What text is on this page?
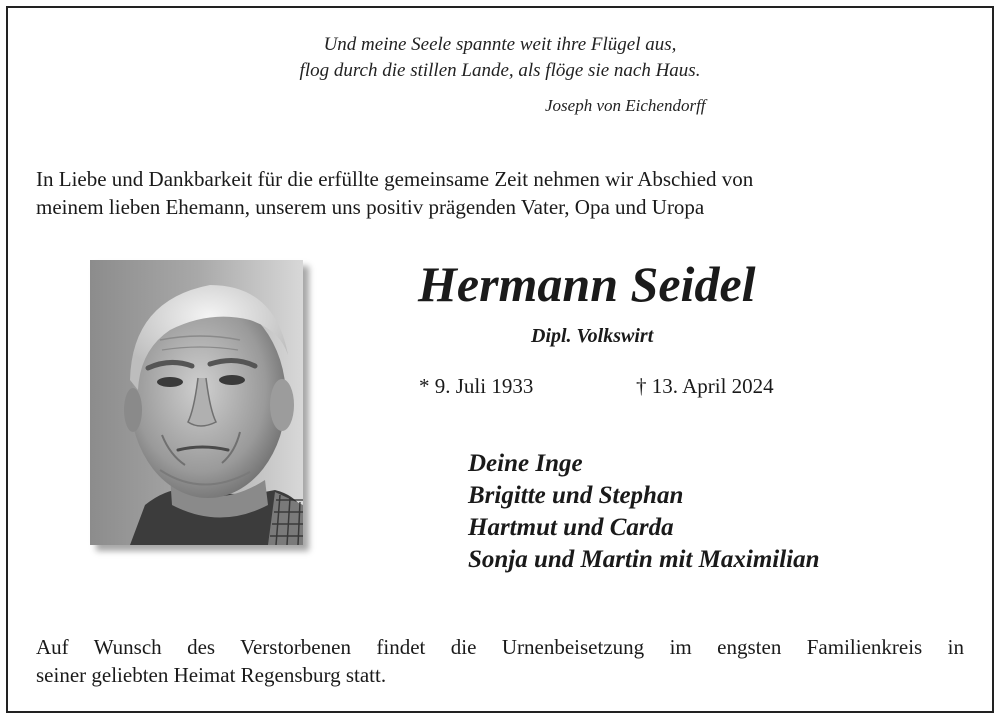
Und meine Seele spannte weit ihre Flügel aus,
flog durch die stillen Lande, als flöge sie nach Haus.
Joseph von Eichendorff
In Liebe und Dankbarkeit für die erfüllte gemeinsame Zeit nehmen wir Abschied von
meinem lieben Ehemann, unserem uns positiv prägenden Vater, Opa und Uropa
Hermann Seidel
Dipl. Volkswirt
* 9. Juli 1933	† 13. April 2024
Deine Inge
Brigitte und Stephan
Hartmut und Carda
Sonja und Martin mit Maximilian
Auf Wunsch des Verstorbenen findet die Urnenbeisetzung im engsten Familienkreis in
seiner geliebten Heimat Regensburg statt.
